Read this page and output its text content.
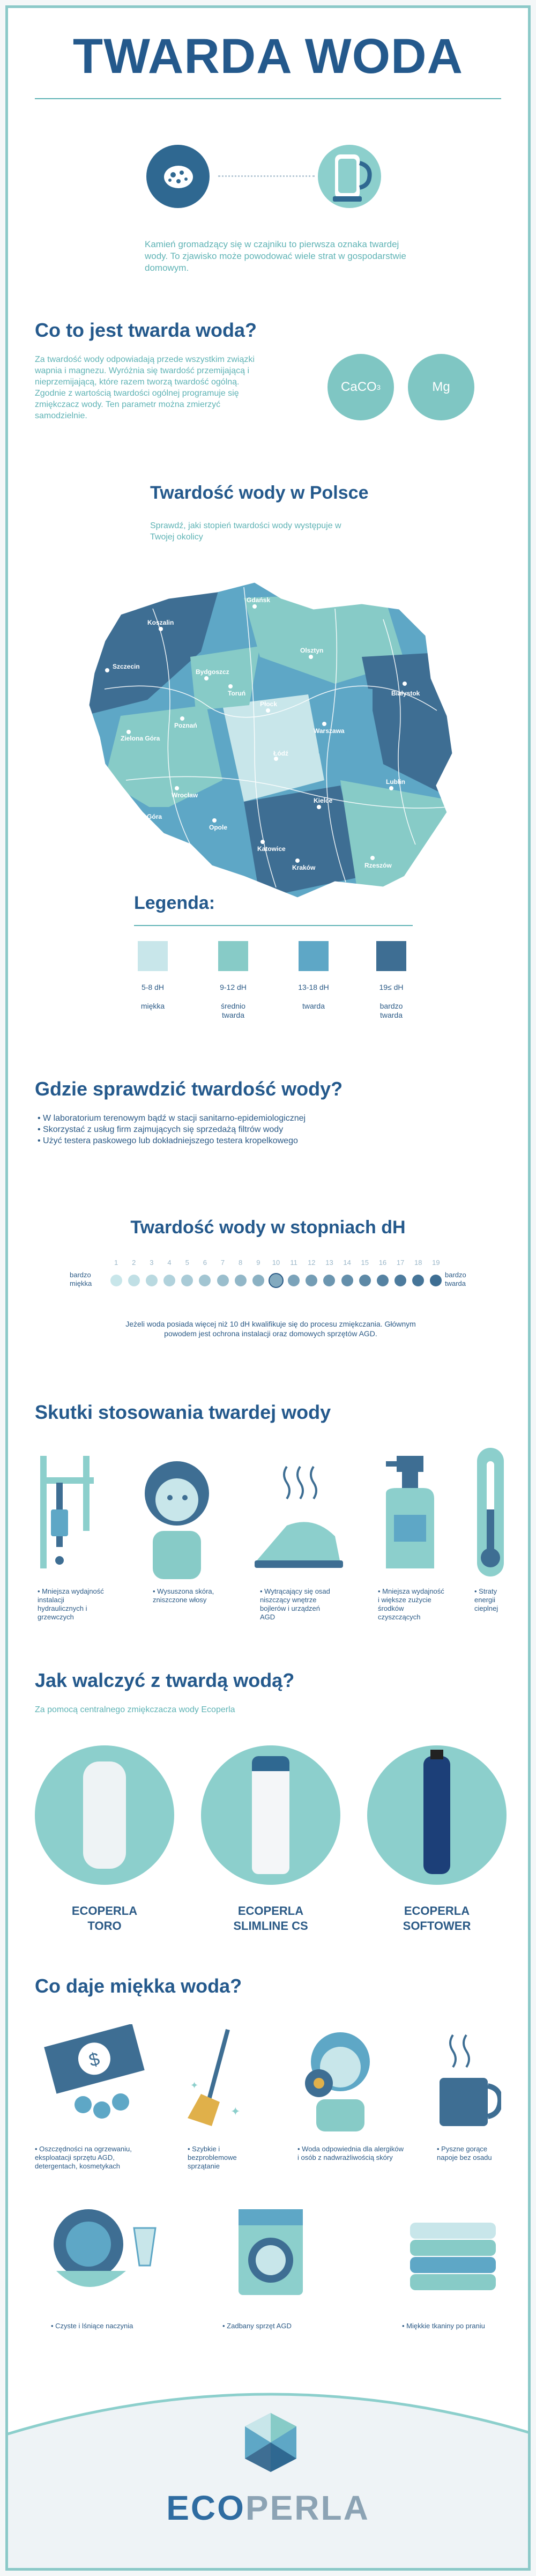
TWARDA WODA
Kamień gromadzący się w czajniku to pierwsza oznaka twardej wody. To zjawisko może powodować wiele strat w gospodarstwie domowym.
Co to jest twarda woda?
Za twardość wody odpowiadają przede wszystkim związki wapnia i magnezu. Wyróżnia się twardość przemijającą i nieprzemijającą, które razem tworzą twardość ogólną. Zgodnie z wartością twardości ogólnej programuje się zmiękczacz wody. Ten parametr można zmierzyć samodzielnie.
CaCO 3	Mg
Twardość wody w Polsce
Sprawdź, jaki stopień twardości wody występuje w Twojej okolicy
Gdańsk
Koszalin
Szczecin
Olsztyn
Bydgoszcz
Toruń	Białystok
Zielona Góra
Poznań
Płock
Warszawa
Łódź
Lublin
Wrocław
Jelenia Góra
Opole
Kielce
Katowice
Kraków	Rzeszów
Legenda:
5-8 dH
miękka
9-12 dH
średnio twarda
13-18 dH
twarda
19≤ dH
bardzo twarda
Gdzie sprawdzić twardość wody?
• W laboratorium terenowym bądź w stacji sanitarno-epidemiologicznej
• Skorzystać z usług firm zajmujących się sprzedażą filtrów wody
• Użyć testera paskowego lub dokładniejszego testera kropelkowego
Twardość wody w stopniach dH
bardzo miękka
bardzo twarda
1	2	3	4	5	6	7	8	9	10	11	12	13	14	15	16	17	18	19
Jeżeli woda posiada więcej niż 10 dH kwalifikuje się do procesu zmiękczania. Głównym powodem jest ochrona instalacji oraz domowych sprzętów AGD.
Skutki stosowania twardej wody
• Mniejsza wydajność instalacji hydraulicznych i grzewczych
• Wysuszona skóra, zniszczone włosy
• Wytrącający się osad niszczący wnętrze bojlerów i urządzeń AGD
• Mniejsza wydajność i większe zużycie środków czyszczących
• Straty energii cieplnej
Jak walczyć z twardą wodą?
Za pomocą centralnego zmiękczacza wody Ecoperla
ECOPERLA
TORO
ECOPERLA
SLIMLINE CS
ECOPERLA
SOFTOWER
Co daje miękka woda?
$
• Oszczędności na ogrzewaniu, eksploatacji sprzętu AGD, detergentach, kosmetykach
✦
✦
• Szybkie i bezproblemowe sprzątanie
• Woda odpowiednia dla alergików i osób z nadwrażliwością skóry
• Pyszne gorące napoje bez osadu
• Czyste i lśniące naczynia	• Zadbany sprzęt AGD	• Miękkie tkaniny po praniu
ECOPERLA
